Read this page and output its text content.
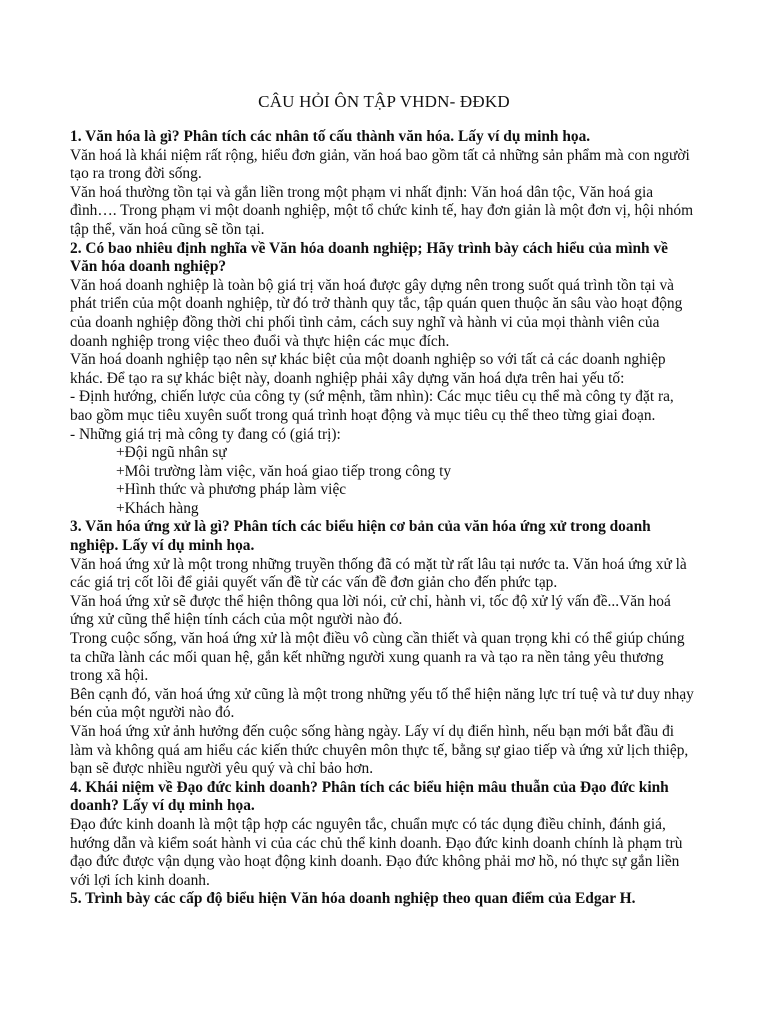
CÂU HỎI ÔN TẬP VHDN- ĐĐKD
1. Văn hóa là gì? Phân tích các nhân tố cấu thành văn hóa. Lấy ví dụ minh họa.
Văn hoá là khái niệm rất rộng, hiểu đơn giản, văn hoá bao gồm tất cả những sản phẩm mà con người tạo ra trong đời sống.
Văn hoá thường tồn tại và gắn liền trong một phạm vi nhất định: Văn hoá dân tộc, Văn hoá gia đình…. Trong phạm vi một doanh nghiệp, một tổ chức kinh tế, hay đơn giản là một đơn vị, hội nhóm tập thể, văn hoá cũng sẽ tồn tại.
2. Có bao nhiêu định nghĩa về Văn hóa doanh nghiệp; Hãy trình bày cách hiểu của mình về Văn hóa doanh nghiệp?
Văn hoá doanh nghiệp là toàn bộ giá trị văn hoá được gây dựng nên trong suốt quá trình tồn tại và phát triển của một doanh nghiệp, từ đó trở thành quy tắc, tập quán quen thuộc ăn sâu vào hoạt động của doanh nghiệp đồng thời chi phối tình cảm, cách suy nghĩ và hành vi của mọi thành viên của doanh nghiệp trong việc theo đuổi và thực hiện các mục đích.
Văn hoá doanh nghiệp tạo nên sự khác biệt của một doanh nghiệp so với tất cả các doanh nghiệp khác. Để tạo ra sự khác biệt này, doanh nghiệp phải xây dựng văn hoá dựa trên hai yếu tố:
- Định hướng, chiến lược của công ty (sứ mệnh, tầm nhìn): Các mục tiêu cụ thể mà công ty đặt ra, bao gồm mục tiêu xuyên suốt trong quá trình hoạt động và mục tiêu cụ thể theo từng giai đoạn.
- Những giá trị mà công ty đang có (giá trị):
+Đội ngũ nhân sự
+Môi trường làm việc, văn hoá giao tiếp trong công ty
+Hình thức và phương pháp làm việc
+Khách hàng
3. Văn hóa ứng xử là gì? Phân tích các biểu hiện cơ bản của văn hóa ứng xử trong doanh nghiệp. Lấy ví dụ minh họa.
Văn hoá ứng xử là một trong những truyền thống đã có mặt từ rất lâu tại nước ta. Văn hoá ứng xử là các giá trị cốt lõi để giải quyết vấn đề từ các vấn đề đơn giản cho đến phức tạp.
Văn hoá ứng xử sẽ được thể hiện thông qua lời nói, cử chỉ, hành vi, tốc độ xử lý vấn đề...Văn hoá ứng xử cũng thể hiện tính cách của một người nào đó.
Trong cuộc sống, văn hoá ứng xử là một điều vô cùng cần thiết và quan trọng khi có thể giúp chúng ta chữa lành các mối quan hệ, gắn kết những người xung quanh ra và tạo ra nền tảng yêu thương trong xã hội.
Bên cạnh đó, văn hoá ứng xử cũng là một trong những yếu tố thể hiện năng lực trí tuệ và tư duy nhạy bén của một người nào đó.
Văn hoá ứng xử ảnh hưởng đến cuộc sống hàng ngày. Lấy ví dụ điển hình, nếu bạn mới bắt đầu đi làm và không quá am hiểu các kiến thức chuyên môn thực tế, bằng sự giao tiếp và ứng xử lịch thiệp, bạn sẽ được nhiều người yêu quý và chỉ bảo hơn.
4. Khái niệm về Đạo đức kinh doanh? Phân tích các biểu hiện mâu thuẫn của Đạo đức kinh doanh? Lấy ví dụ minh họa.
Đạo đức kinh doanh là một tập hợp các nguyên tắc, chuẩn mực có tác dụng điều chỉnh, đánh giá, hướng dẫn và kiểm soát hành vi của các chủ thể kinh doanh. Đạo đức kinh doanh chính là phạm trù đạo đức được vận dụng vào hoạt động kinh doanh. Đạo đức không phải mơ hồ, nó thực sự gắn liền với lợi ích kinh doanh.
5. Trình bày các cấp độ biểu hiện Văn hóa doanh nghiệp theo quan điểm của Edgar H.
